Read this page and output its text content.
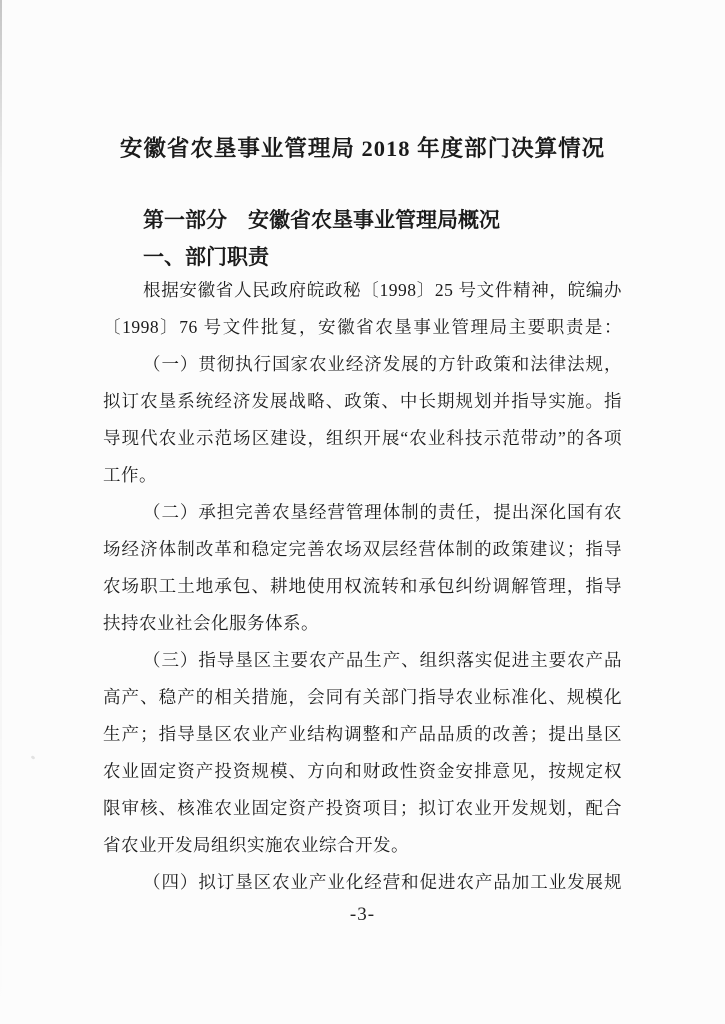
安徽省农垦事业管理局 2018 年度部门决算情况
第一部分　安徽省农垦事业管理局概况
一、部门职责
根据安徽省人民政府皖政秘〔1998〕25 号文件精神，皖编办
〔1998〕76 号文件批复，安徽省农垦事业管理局主要职责是：
（一）贯彻执行国家农业经济发展的方针政策和法律法规，
拟订农垦系统经济发展战略、政策、中长期规划并指导实施。指
导现代农业示范场区建设，组织开展“农业科技示范带动”的各项
工作。
（二）承担完善农垦经营管理体制的责任，提出深化国有农
场经济体制改革和稳定完善农场双层经营体制的政策建议；指导
农场职工土地承包、耕地使用权流转和承包纠纷调解管理，指导
扶持农业社会化服务体系。
（三）指导垦区主要农产品生产、组织落实促进主要农产品
高产、稳产的相关措施，会同有关部门指导农业标准化、规模化
生产；指导垦区农业产业结构调整和产品品质的改善；提出垦区
农业固定资产投资规模、方向和财政性资金安排意见，按规定权
限审核、核准农业固定资产投资项目；拟订农业开发规划，配合
省农业开发局组织实施农业综合开发。
（四）拟订垦区农业产业化经营和促进农产品加工业发展规
-3-
